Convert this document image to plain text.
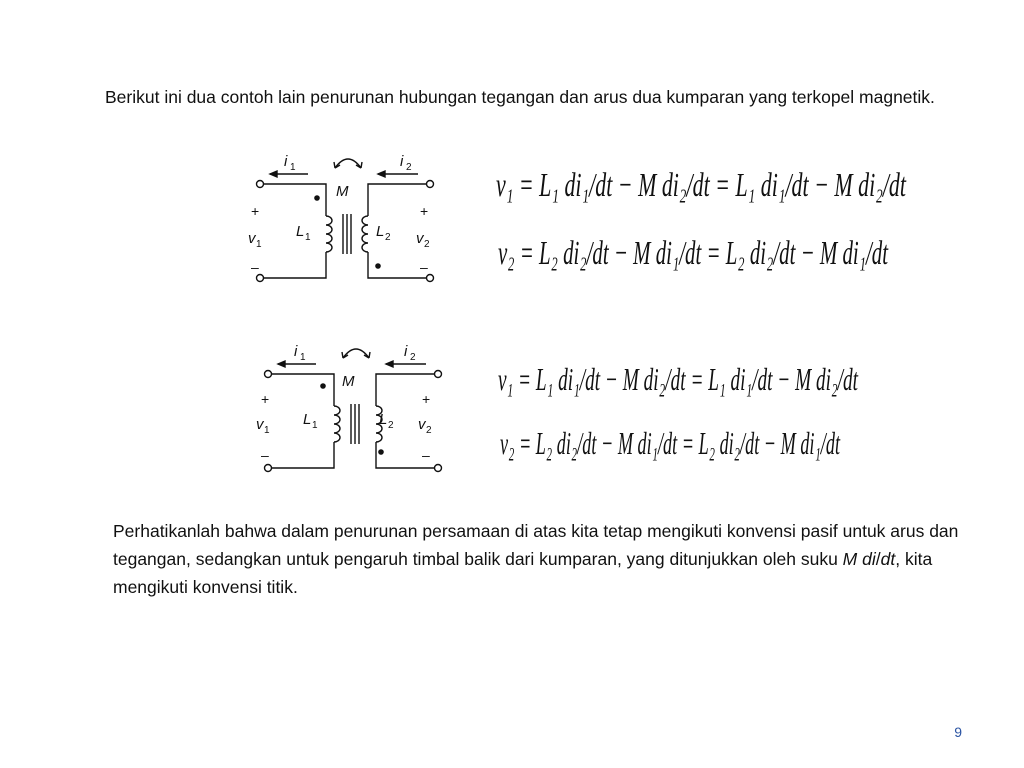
Berikut ini dua contoh lain penurunan hubungan tegangan dan arus dua kumparan yang terkopel magnetik.

i 1	i 2
M
+
v 1
–
L 1	L 2
+
v 2
–
i 1	i 2
M
+
v 1
–
L 1	L 2
+
v 2
–
v₁ = L₁ di₁/dt − M di₂/dt = L₁ di₁/dt − M di₂/dt
v₂ = L₂ di₂/dt − M di₁/dt = L₂ di₂/dt − M di₁/dt
v₁ = L₁ di₁/dt − M di₂/dt = L₁ di₁/dt − M di₂/dt
v₂ = L₂ di₂/dt − M di₁/dt = L₂ di₂/dt − M di₁/dt

Perhatikanlah bahwa dalam penurunan persamaan di atas kita tetap mengikuti konvensi pasif untuk arus dan tegangan, sedangkan untuk pengaruh timbal balik dari kumparan, yang ditunjukkan oleh suku M di/dt, kita mengikuti konvensi titik.

9
